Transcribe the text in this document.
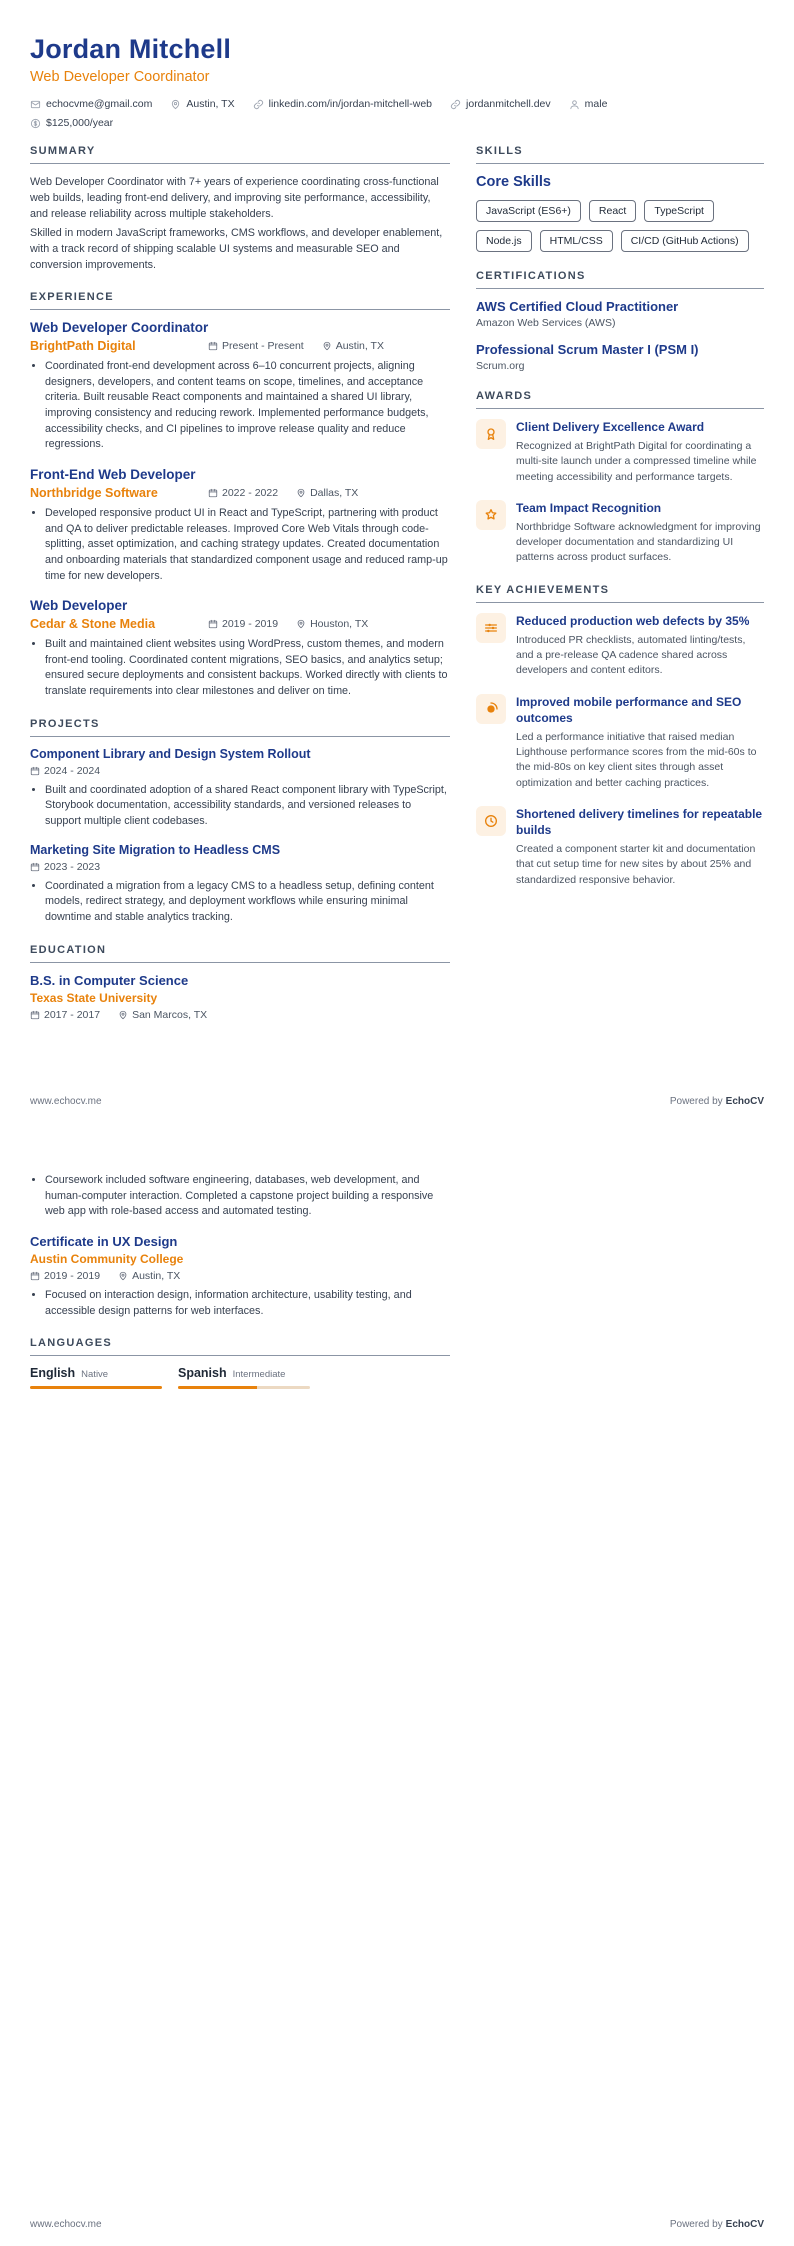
Jordan Mitchell
Web Developer Coordinator
echocvme@gmail.com	Austin, TX	linkedin.com/in/jordan-mitchell-web	jordanmitchell.dev	male
$125,000/year
SUMMARY

Web Developer Coordinator with 7+ years of experience coordinating cross-functional web builds, leading front-end delivery, and improving site performance, accessibility, and release reliability across multiple stakeholders.

Skilled in modern JavaScript frameworks, CMS workflows, and developer enablement, with a track record of shipping scalable UI systems and measurable SEO and conversion improvements.

EXPERIENCE
Web Developer Coordinator
BrightPath Digital	Present - Present	Austin, TX
• Coordinated front-end development across 6–10 concurrent projects, aligning designers, developers, and content teams on scope, timelines, and acceptance criteria. Built reusable React components and maintained a shared UI library, improving consistency and reducing rework. Implemented performance budgets, accessibility checks, and CI pipelines to improve release quality and reduce regressions.
Front-End Web Developer
Northbridge Software	2022 - 2022	Dallas, TX
• Developed responsive product UI in React and TypeScript, partnering with product and QA to deliver predictable releases. Improved Core Web Vitals through code-splitting, asset optimization, and caching strategy updates. Created documentation and onboarding materials that standardized component usage and reduced ramp-up time for new developers.
Web Developer
Cedar & Stone Media	2019 - 2019	Houston, TX
• Built and maintained client websites using WordPress, custom themes, and modern front-end tooling. Coordinated content migrations, SEO basics, and analytics setup; ensured secure deployments and consistent backups. Worked directly with clients to translate requirements into clear milestones and deliver on time.
PROJECTS
Component Library and Design System Rollout
2024 - 2024
• Built and coordinated adoption of a shared React component library with TypeScript, Storybook documentation, accessibility standards, and versioned releases to support multiple client codebases.
Marketing Site Migration to Headless CMS
2023 - 2023
• Coordinated a migration from a legacy CMS to a headless setup, defining content models, redirect strategy, and deployment workflows while ensuring minimal downtime and stable analytics tracking.
EDUCATION
B.S. in Computer Science
Texas State University
2017 - 2017	San Marcos, TX
SKILLS
Core Skills
JavaScript (ES6+)	React	TypeScript
Node.js	HTML/CSS	CI/CD (GitHub Actions)
CERTIFICATIONS
AWS Certified Cloud Practitioner
Amazon Web Services (AWS)
Professional Scrum Master I (PSM I)
Scrum.org
AWARDS
Client Delivery Excellence Award
Recognized at BrightPath Digital for coordinating a multi-site launch under a compressed timeline while meeting accessibility and performance targets.
Team Impact Recognition
Northbridge Software acknowledgment for improving developer documentation and standardizing UI patterns across product surfaces.
KEY ACHIEVEMENTS
Reduced production web defects by 35%
Introduced PR checklists, automated linting/tests, and a pre-release QA cadence shared across developers and content editors.
Improved mobile performance and SEO outcomes
Led a performance initiative that raised median Lighthouse performance scores from the mid-60s to the mid-80s on key client sites through asset optimization and better caching practices.
Shortened delivery timelines for repeatable builds
Created a component starter kit and documentation that cut setup time for new sites by about 25% and standardized responsive behavior.
www.echocv.me	Powered by EchoCV
• Coursework included software engineering, databases, web development, and human-computer interaction. Completed a capstone project building a responsive web app with role-based access and automated testing.
Certificate in UX Design
Austin Community College
2019 - 2019	Austin, TX
• Focused on interaction design, information architecture, usability testing, and accessible design patterns for web interfaces.
LANGUAGES
English Native	Spanish Intermediate
www.echocv.me	Powered by EchoCV
